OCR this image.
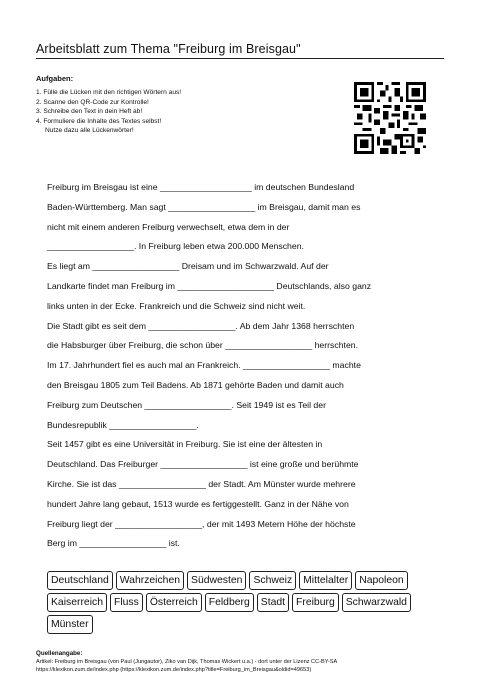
Arbeitsblatt zum Thema "Freiburg im Breisgau"
Aufgaben:
1. Fülle die Lücken mit den richtigen Wörtern aus!
2. Scanne den QR-Code zur Kontrolle!
3. Schreibe den Text in dein Heft ab!
4. Formuliere die Inhalte des Textes selbst!
Nutze dazu alle Lückenwörter!
Freiburg im Breisgau ist eine ___________________ im deutschen Bundesland
Baden-Württemberg. Man sagt __________________ im Breisgau, damit man es
nicht mit einem anderen Freiburg verwechselt, etwa dem in der
__________________. In Freiburg leben etwa 200.000 Menschen.
Es liegt am __________________ Dreisam und im Schwarzwald. Auf der
Landkarte findet man Freiburg im ____________________ Deutschlands, also ganz
links unten in der Ecke. Frankreich und die Schweiz sind nicht weit.
Die Stadt gibt es seit dem __________________. Ab dem Jahr 1368 herrschten
die Habsburger über Freiburg, die schon über __________________ herrschten.
Im 17. Jahrhundert fiel es auch mal an Frankreich. __________________ machte
den Breisgau 1805 zum Teil Badens. Ab 1871 gehörte Baden und damit auch
Freiburg zum Deutschen __________________. Seit 1949 ist es Teil der
Bundesrepublik __________________.
Seit 1457 gibt es eine Universität in Freiburg. Sie ist eine der ältesten in
Deutschland. Das Freiburger __________________ ist eine große und berühmte
Kirche. Sie ist das __________________ der Stadt. Am Münster wurde mehrere
hundert Jahre lang gebaut, 1513 wurde es fertiggestellt. Ganz in der Nähe von
Freiburg liegt der __________________, der mit 1493 Metern Höhe der höchste
Berg im __________________ ist.
Deutschland	Wahrzeichen	Südwesten	Schweiz	Mittelalter	Napoleon
Kaiserreich	Fluss	Österreich	Feldberg	Stadt	Freiburg	Schwarzwald
Münster
Quellenangabe:
Artikel: Freiburg im Breisgau (von Paul (Jungautor), Ziko van Dijk, Thomas Wickert u.a.) - dort unter der Lizenz CC-BY-SA
https://klexikon.zum.de/index.php (https://klexikon.zum.de/index.php?title=Freiburg_im_Breisgau&oldid=49653)
